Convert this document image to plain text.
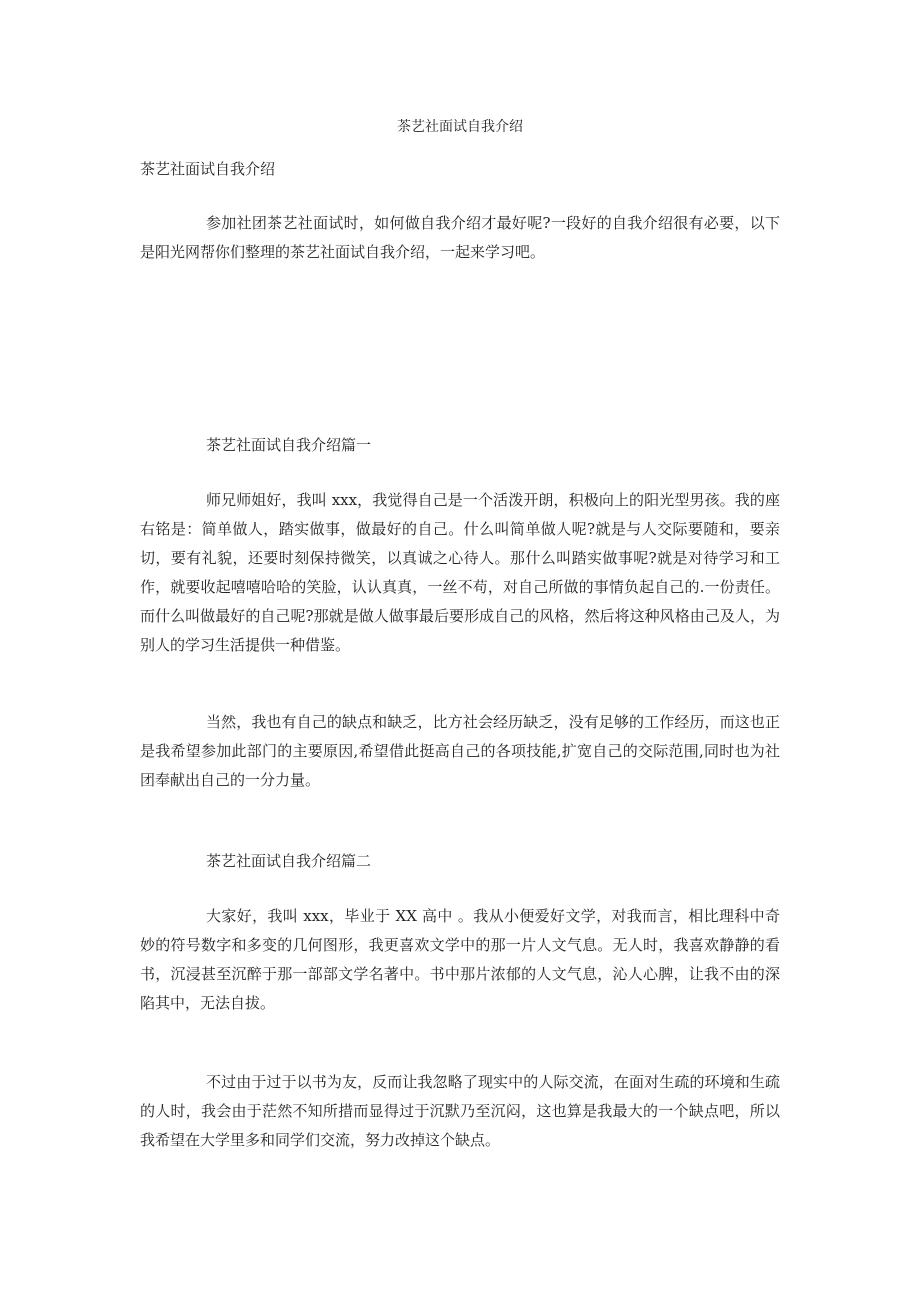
茶艺社面试自我介绍
茶艺社面试自我介绍

参加社团茶艺社面试时，如何做自我介绍才最好呢?一段好的自我介绍很有必要，以下是阳光网帮你们整理的茶艺社面试自我介绍，一起来学习吧。

茶艺社面试自我介绍篇一

师兄师姐好，我叫 xxx，我觉得自己是一个活泼开朗，积极向上的阳光型男孩。我的座右铭是：简单做人，踏实做事，做最好的自己。什么叫简单做人呢?就是与人交际要随和，要亲切，要有礼貌，还要时刻保持微笑，以真诚之心待人。那什么叫踏实做事呢?就是对待学习和工作，就要收起嘻嘻哈哈的笑脸，认认真真，一丝不苟，对自己所做的事情负起自己的.一份责任。而什么叫做最好的自己呢?那就是做人做事最后要形成自己的风格，然后将这种风格由己及人，为别人的学习生活提供一种借鉴。

当然，我也有自己的缺点和缺乏，比方社会经历缺乏，没有足够的工作经历，而这也正是我希望参加此部门的主要原因,希望借此挺高自己的各项技能,扩宽自己的交际范围,同时也为社团奉献出自己的一分力量。

茶艺社面试自我介绍篇二

大家好，我叫 xxx，毕业于 XX 高中 。我从小便爱好文学，对我而言，相比理科中奇妙的符号数字和多变的几何图形，我更喜欢文学中的那一片人文气息。无人时，我喜欢静静的看书，沉浸甚至沉醉于那一部部文学名著中。书中那片浓郁的人文气息，沁人心脾，让我不由的深陷其中，无法自拔。

不过由于过于以书为友，反而让我忽略了现实中的人际交流，在面对生疏的环境和生疏的人时，我会由于茫然不知所措而显得过于沉默乃至沉闷，这也算是我最大的一个缺点吧，所以我希望在大学里多和同学们交流，努力改掉这个缺点。
